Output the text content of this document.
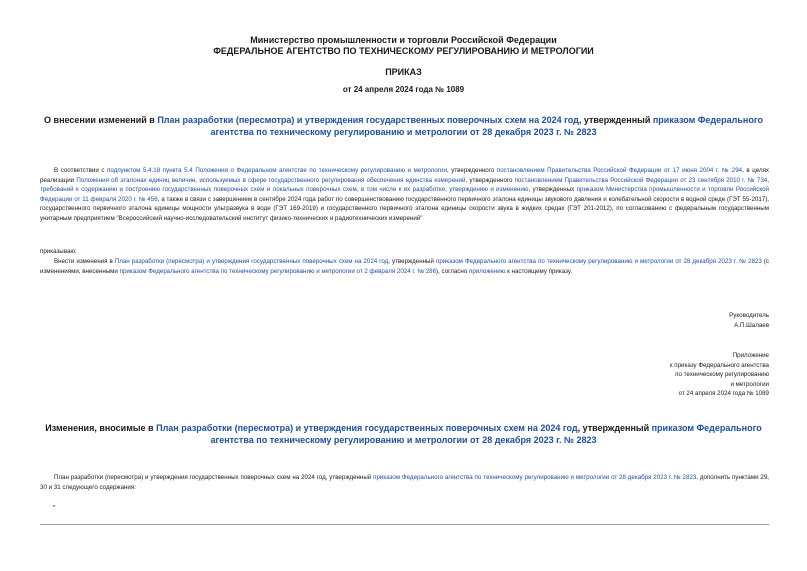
Министерство промышленности и торговли Российской Федерации
ФЕДЕРАЛЬНОЕ АГЕНТСТВО ПО ТЕХНИЧЕСКОМУ РЕГУЛИРОВАНИЮ И МЕТРОЛОГИИ
ПРИКАЗ
от 24 апреля 2024 года № 1089
О внесении изменений в План разработки (пересмотра) и утверждения государственных поверочных схем на 2024 год, утвержденный приказом Федерального агентства по техническому регулированию и метрологии от 28 декабря 2023 г. № 2823
В соответствии с подпунктом 5.4.18 пункта 5.4 Положения о Федеральном агентстве по техническому регулированию и метрологии, утвержденного постановлением Правительства Российской Федерации от 17 июня 2004 г. № 294, в целях реализации Положения об эталонах единиц величин, используемых в сфере государственного регулирования обеспечения единства измерений, утвержденного постановлением Правительства Российской Федерации от 23 сентября 2010 г. № 734, требований к содержанию и построению государственных поверочных схем и локальных поверочных схем, в том числе к их разработке, утверждению и изменению, утвержденных приказом Министерства промышленности и торговли Российской Федерации от 11 февраля 2020 г. № 456, а также в связи с завершением в сентябре 2024 года работ по совершенствованию государственного первичного эталона единицы звукового давления и колебательной скорости в водной среде (ГЭТ 55-2017), государственного первичного эталона единицы мощности ультразвука в воде (ГЭТ 169-2019) и государственного первичного эталона единицы скорости звука в жидких средах (ГЭТ 201-2012), по согласованию с федеральным государственным унитарным предприятием "Всероссийский научно-исследовательский институт физико-технических и радиотехнических измерений"
приказываю:
Внести изменения в План разработки (пересмотра) и утверждения государственных поверочных схем на 2024 год, утвержденный приказом Федерального агентства по техническому регулированию и метрологии от 28 декабря 2023 г. № 2823 (с изменениями, внесенными приказом Федерального агентства по техническому регулированию и метрологии от 2 февраля 2024 г. № 286), согласно приложению к настоящему приказу.
Руководитель
А.П.Шалаев
Приложение
к приказу Федерального агентства
по техническому регулированию
и метрологии
от 24 апреля 2024 года № 1089
Изменения, вносимые в План разработки (пересмотра) и утверждения государственных поверочных схем на 2024 год, утвержденный приказом Федерального агентства по техническому регулированию и метрологии от 28 декабря 2023 г. № 2823
План разработки (пересмотра) и утверждения государственных поверочных схем на 2024 год, утвержденный приказом Федерального агентства по техническому регулированию и метрологии от 28 декабря 2023 г. № 2823, дополнить пунктами 29, 30 и 31 следующего содержания:
"
